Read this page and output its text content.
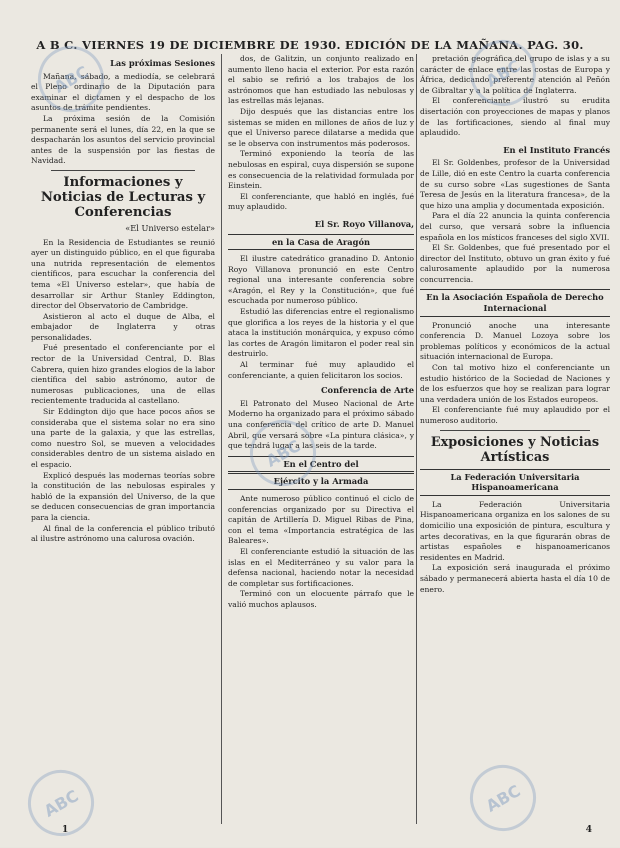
A B C. VIERNES 19 DE DICIEMBRE DE 1930. EDICIÓN DE LA MAÑANA. PAG. 30.
Las próximas Sesiones

Mañana, sábado, a mediodía, se celebrará el Pleno ordinario de la Diputación para examinar el dictamen y el despacho de los asuntos de trámite pendientes.

La próxima sesión de la Comisión permanente será el lunes, día 22, en la que se despacharán los asuntos del servicio provincial antes de la suspensión por las fiestas de Navidad.

Informaciones y Noticias de Lecturas y Conferencias
«El Universo estelar»

En la Residencia de Estudiantes se reunió ayer un distinguido público, en el que figuraba una nutrida representación de elementos científicos, para escuchar la conferencia del tema «El Universo estelar», que había de desarrollar sir Arthur Stanley Eddington, director del Observatorio de Cambridge.

Asistieron al acto el duque de Alba, el embajador de Inglaterra y otras personalidades.

Fué presentado el conferenciante por el rector de la Universidad Central, D. Blas Cabrera, quien hizo grandes elogios de la labor científica del sabio astrónomo, autor de numerosas publicaciones, una de ellas recientemente traducida al castellano.

Sir Eddington dijo que hace pocos años se consideraba que el sistema solar no era sino una parte de la galaxia, y que las estrellas, como nuestro Sol, se mueven a velocidades considerables dentro de un sistema aislado en el espacio.

Explicó después las modernas teorías sobre la constitución de las nebulosas espirales y habló de la expansión del Universo, de la que se deducen consecuencias de gran importancia para la ciencia.

Al final de la conferencia el público tributó al ilustre astrónomo una calurosa ovación.

dos, de Galitzin, un conjunto realizado en aumento lleno hacia el exterior. Por esta razón el sabio se refirió a los trabajos de los astrónomos que han estudiado las nebulosas y las estrellas más lejanas.

Dijo después que las distancias entre los sistemas se miden en millones de años de luz y que el Universo parece dilatarse a medida que se le observa con instrumentos más poderosos.

Terminó exponiendo la teoría de las nebulosas en espiral, cuya dispersión se supone es consecuencia de la relatividad formulada por Einstein.

El conferenciante, que habló en inglés, fué muy aplaudido.

El Sr. Royo Villanova,
en la Casa de Aragón

El ilustre catedrático granadino D. Antonio Royo Villanova pronunció en este Centro regional una interesante conferencia sobre «Aragón, el Rey y la Constitución», que fué escuchada por numeroso público.

Estudió las diferencias entre el regionalismo que glorifica a los reyes de la historia y el que ataca la institución monárquica, y expuso cómo las cortes de Aragón limitaron el poder real sin destruirlo.

Al terminar fué muy aplaudido el conferenciante, a quien felicitaron los socios.

Conferencia de Arte

El Patronato del Museo Nacional de Arte Moderno ha organizado para el próximo sábado una conferencia del crítico de arte D. Manuel Abril, que versará sobre «La pintura clásica», y que tendrá lugar a las seis de la tarde.

En el Centro del
Ejército y la Armada

Ante numeroso público continuó el ciclo de conferencias organizado por su Directiva el capitán de Artillería D. Miguel Ribas de Pina, con el tema «Importancia estratégica de las Baleares».

El conferenciante estudió la situación de las islas en el Mediterráneo y su valor para la defensa nacional, haciendo notar la necesidad de completar sus fortificaciones.

Terminó con un elocuente párrafo que le valió muchos aplausos.

pretación geográfica del grupo de islas y a su carácter de enlace entre las costas de Europa y África, dedicando preferente atención al Peñón de Gibraltar y a la política de Inglaterra.

El conferenciante ilustró su erudita disertación con proyecciones de mapas y planos de las fortificaciones, siendo al final muy aplaudido.

En el Instituto Francés

El Sr. Goldenbes, profesor de la Universidad de Lille, dió en este Centro la cuarta conferencia de su curso sobre «Las sugestiones de Santa Teresa de Jesús en la literatura francesa», de la que hizo una amplia y documentada exposición.

Para el día 22 anuncia la quinta conferencia del curso, que versará sobre la influencia española en los místicos franceses del siglo XVII.

El Sr. Goldenbes, que fué presentado por el director del Instituto, obtuvo un gran éxito y fué calurosamente aplaudido por la numerosa concurrencia.

En la Asociación Española de Derecho Internacional

Pronunció anoche una interesante conferencia D. Manuel Lozoya sobre los problemas políticos y económicos de la actual situación internacional de Europa.

Con tal motivo hizo el conferenciante un estudio histórico de la Sociedad de Naciones y de los esfuerzos que hoy se realizan para lograr una verdadera unión de los Estados europeos.

El conferenciante fué muy aplaudido por el numeroso auditorio.

Exposiciones y Noticias Artísticas
La Federación Universitaria Hispanoamericana

La Federación Universitaria Hispanoamericana organiza en los salones de su domicilio una exposición de pintura, escultura y artes decorativas, en la que figurarán obras de artistas españoles e hispanoamericanos residentes en Madrid.

La exposición será inaugurada el próximo sábado y permanecerá abierta hasta el día 10 de enero.

ABC	ABC
ABC
ABC	ABC
1	4
